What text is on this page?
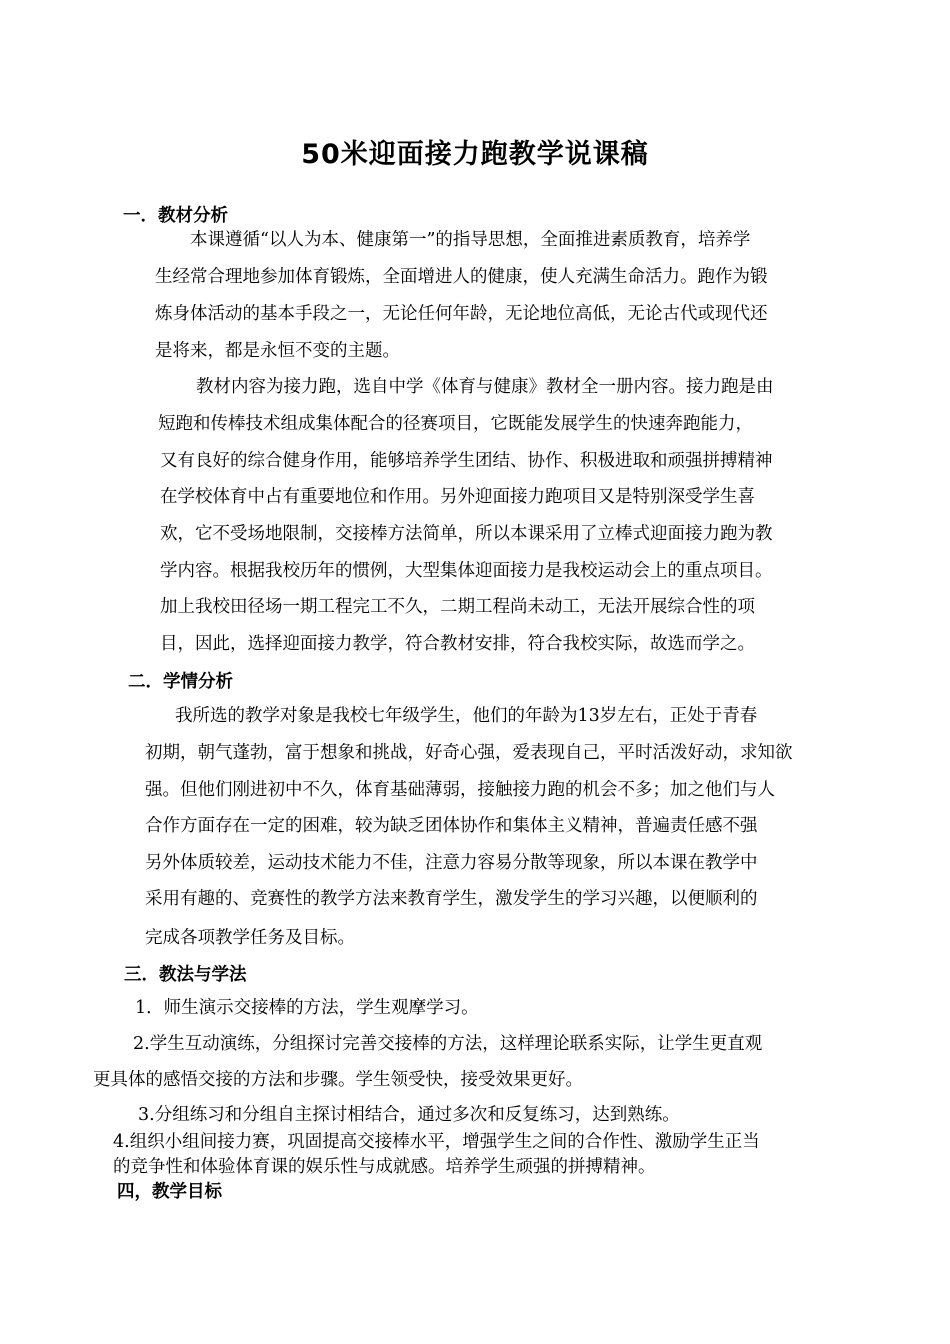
50米迎面接力跑教学说课稿
一．教材分析
本课遵循“以人为本、健康第一”的指导思想，全面推进素质教育，培养学
生经常合理地参加体育锻炼，全面增进人的健康，使人充满生命活力。跑作为锻
炼身体活动的基本手段之一，无论任何年龄，无论地位高低，无论古代或现代还
是将来，都是永恒不变的主题。
教材内容为接力跑，选自中学《体育与健康》教材全一册内容。接力跑是由
短跑和传棒技术组成集体配合的径赛项目，它既能发展学生的快速奔跑能力，
又有良好的综合健身作用，能够培养学生团结、协作、积极进取和顽强拼搏精神
在学校体育中占有重要地位和作用。另外迎面接力跑项目又是特别深受学生喜
欢，它不受场地限制，交接棒方法简单，所以本课采用了立棒式迎面接力跑为教
学内容。根据我校历年的惯例，大型集体迎面接力是我校运动会上的重点项目。
加上我校田径场一期工程完工不久，二期工程尚未动工，无法开展综合性的项
目，因此，选择迎面接力教学，符合教材安排，符合我校实际，故选而学之。
二．学情分析
我所选的教学对象是我校七年级学生，他们的年龄为13岁左右，正处于青春
初期，朝气蓬勃，富于想象和挑战，好奇心强，爱表现自己，平时活泼好动，求知欲
强。但他们刚进初中不久，体育基础薄弱，接触接力跑的机会不多；加之他们与人
合作方面存在一定的困难，较为缺乏团体协作和集体主义精神，普遍责任感不强
另外体质较差，运动技术能力不佳，注意力容易分散等现象，所以本课在教学中
采用有趣的、竞赛性的教学方法来教育学生，激发学生的学习兴趣，以便顺利的
完成各项教学任务及目标。
三．教法与学法
1．师生演示交接棒的方法，学生观摩学习。
2.学生互动演练，分组探讨完善交接棒的方法，这样理论联系实际，让学生更直观
更具体的感悟交接的方法和步骤。学生领受快，接受效果更好。
3.分组练习和分组自主探讨相结合，通过多次和反复练习，达到熟练。
4.组织小组间接力赛，巩固提高交接棒水平，增强学生之间的合作性、激励学生正当
的竞争性和体验体育课的娱乐性与成就感。培养学生顽强的拼搏精神。
四，教学目标
